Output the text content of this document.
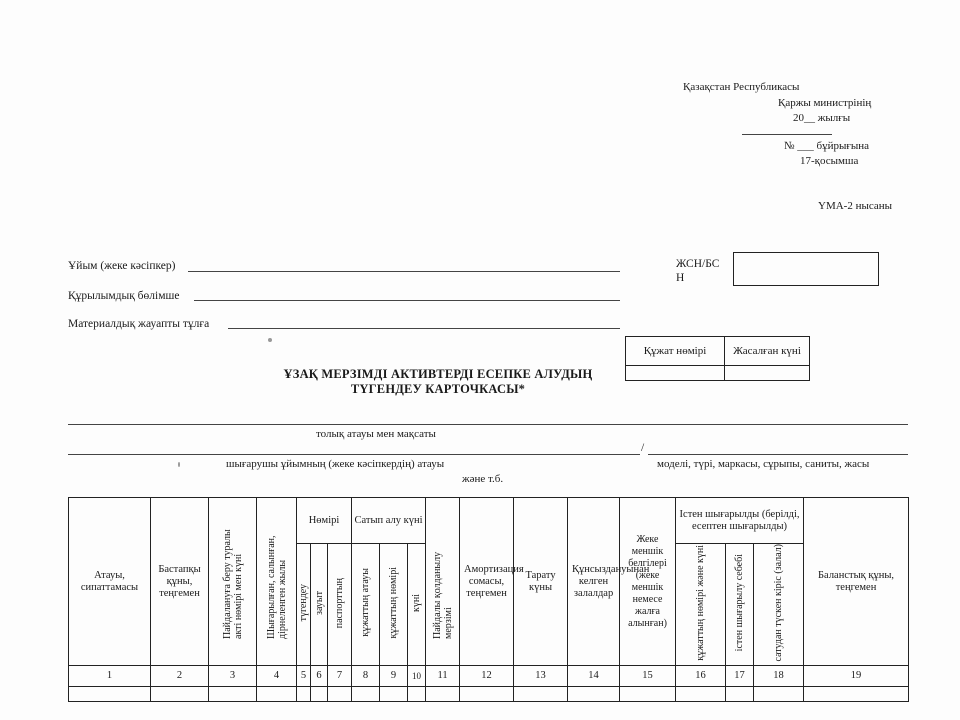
Қазақстан Республикасы
Қаржы министрінің
20__ жылғы
№ ___ бұйрығына
17-қосымша
ҮМА-2 нысаны
Ұйым (жеке кәсіпкер)
Құрылымдық бөлімше
Материалдық жауапты тұлға
ЖСН/БС
Н
Құжат нөмірі	Жасалған күні

ҰЗАҚ МЕРЗІМДІ АКТИВТЕРДІ ЕСЕПКЕ АЛУДЫҢ
ТҮГЕНДЕУ КАРТОЧКАСЫ*
толық атауы мен мақсаты
/
шығарушы ұйымның (жеке кәсіпкердің) атауы	моделі, түрі, маркасы, сұрыпы, саниты, жасы
және т.б.
Атауы, сипаттамасы	Бастапқы құны, теңгемен	Пайдалануға беру туралы акті нөмірі мен күні	Шығарылған, салынған, дірнеленген жылы	Нөмірі			Сатып алу күні			Пайдалы қолданылу мерзімі	Амортизация сомасы, теңгемен	Тарату күны	Құнсыздануынан келген залалдар	Жеке меншік белгілері (жеке меншік немесе жалға алынған)	Істен шығарылды (берілді, есептен шығарылды)			Баланстық құны, теңгемен
				түгендеу	зауыт	паспорттың	құжаттың атауы	құжаттың нөмірі	күні						құжаттың нөмірі және күні	істен шығарылу себебі	сатудан түскен кіріс (залал)	
1	2	3	4	5	6	7	8	9	10	11	12	13	14	15	16	17	18	19
